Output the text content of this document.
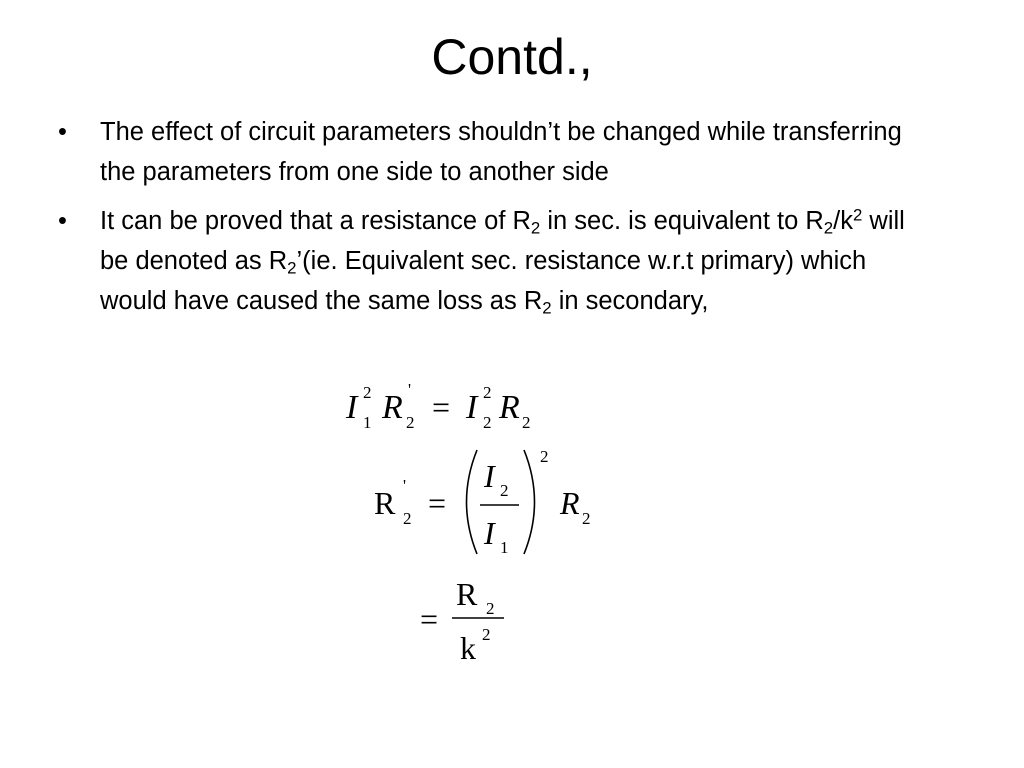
Contd.,
• The effect of circuit parameters shouldn’t be changed while transferring the parameters from one side to another side
• It can be proved that a resistance of $R_2$ in sec. is equivalent to $R_2/k^2$ will be denoted as $R_2’(ie$. Equivalent sec. resistance w.r.t primary) which would have caused the same loss as $R_2$ in secondary,
I 2
1 R '
2 = I 2
2 R 2
R '
2 =
I 2
I 1
2
R 2
=
R 2
k 2
